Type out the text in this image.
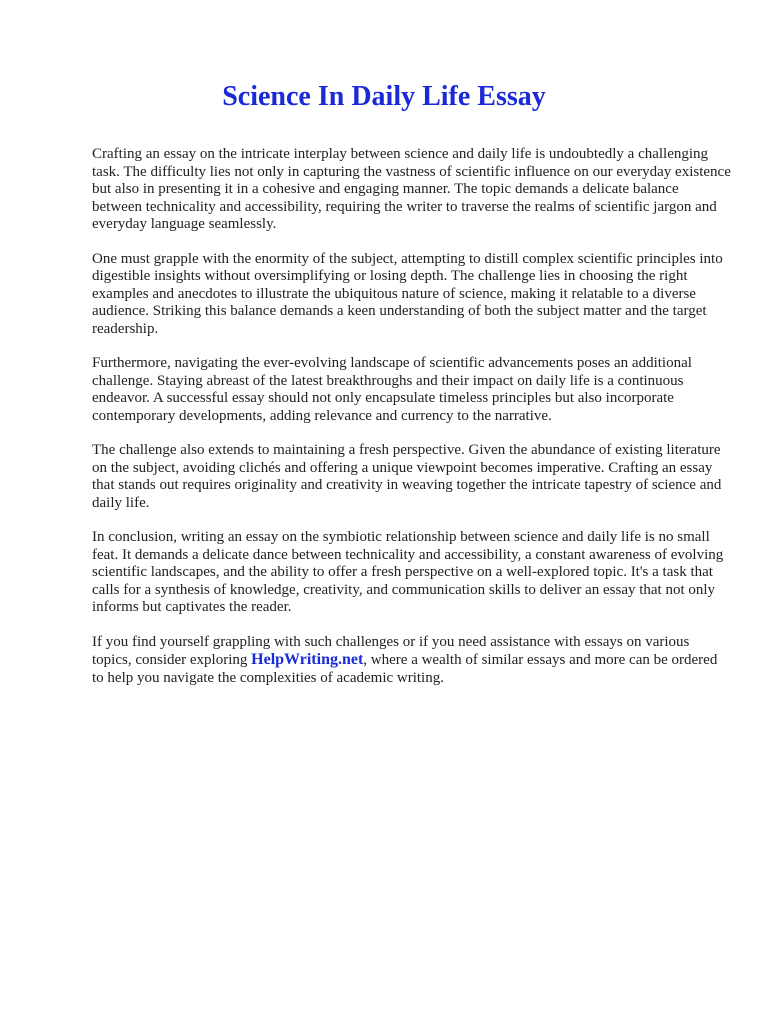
Science In Daily Life Essay

Crafting an essay on the intricate interplay between science and daily life is undoubtedly a challenging task. The difficulty lies not only in capturing the vastness of scientific influence on our everyday existence but also in presenting it in a cohesive and engaging manner. The topic demands a delicate balance between technicality and accessibility, requiring the writer to traverse the realms of scientific jargon and everyday language seamlessly.

One must grapple with the enormity of the subject, attempting to distill complex scientific principles into digestible insights without oversimplifying or losing depth. The challenge lies in choosing the right examples and anecdotes to illustrate the ubiquitous nature of science, making it relatable to a diverse audience. Striking this balance demands a keen understanding of both the subject matter and the target readership.

Furthermore, navigating the ever-evolving landscape of scientific advancements poses an additional challenge. Staying abreast of the latest breakthroughs and their impact on daily life is a continuous endeavor. A successful essay should not only encapsulate timeless principles but also incorporate contemporary developments, adding relevance and currency to the narrative.

The challenge also extends to maintaining a fresh perspective. Given the abundance of existing literature on the subject, avoiding clichés and offering a unique viewpoint becomes imperative. Crafting an essay that stands out requires originality and creativity in weaving together the intricate tapestry of science and daily life.

In conclusion, writing an essay on the symbiotic relationship between science and daily life is no small feat. It demands a delicate dance between technicality and accessibility, a constant awareness of evolving scientific landscapes, and the ability to offer a fresh perspective on a well-explored topic. It's a task that calls for a synthesis of knowledge, creativity, and communication skills to deliver an essay that not only informs but captivates the reader.

If you find yourself grappling with such challenges or if you need assistance with essays on various topics, consider exploring HelpWriting.net, where a wealth of similar essays and more can be ordered to help you navigate the complexities of academic writing.
